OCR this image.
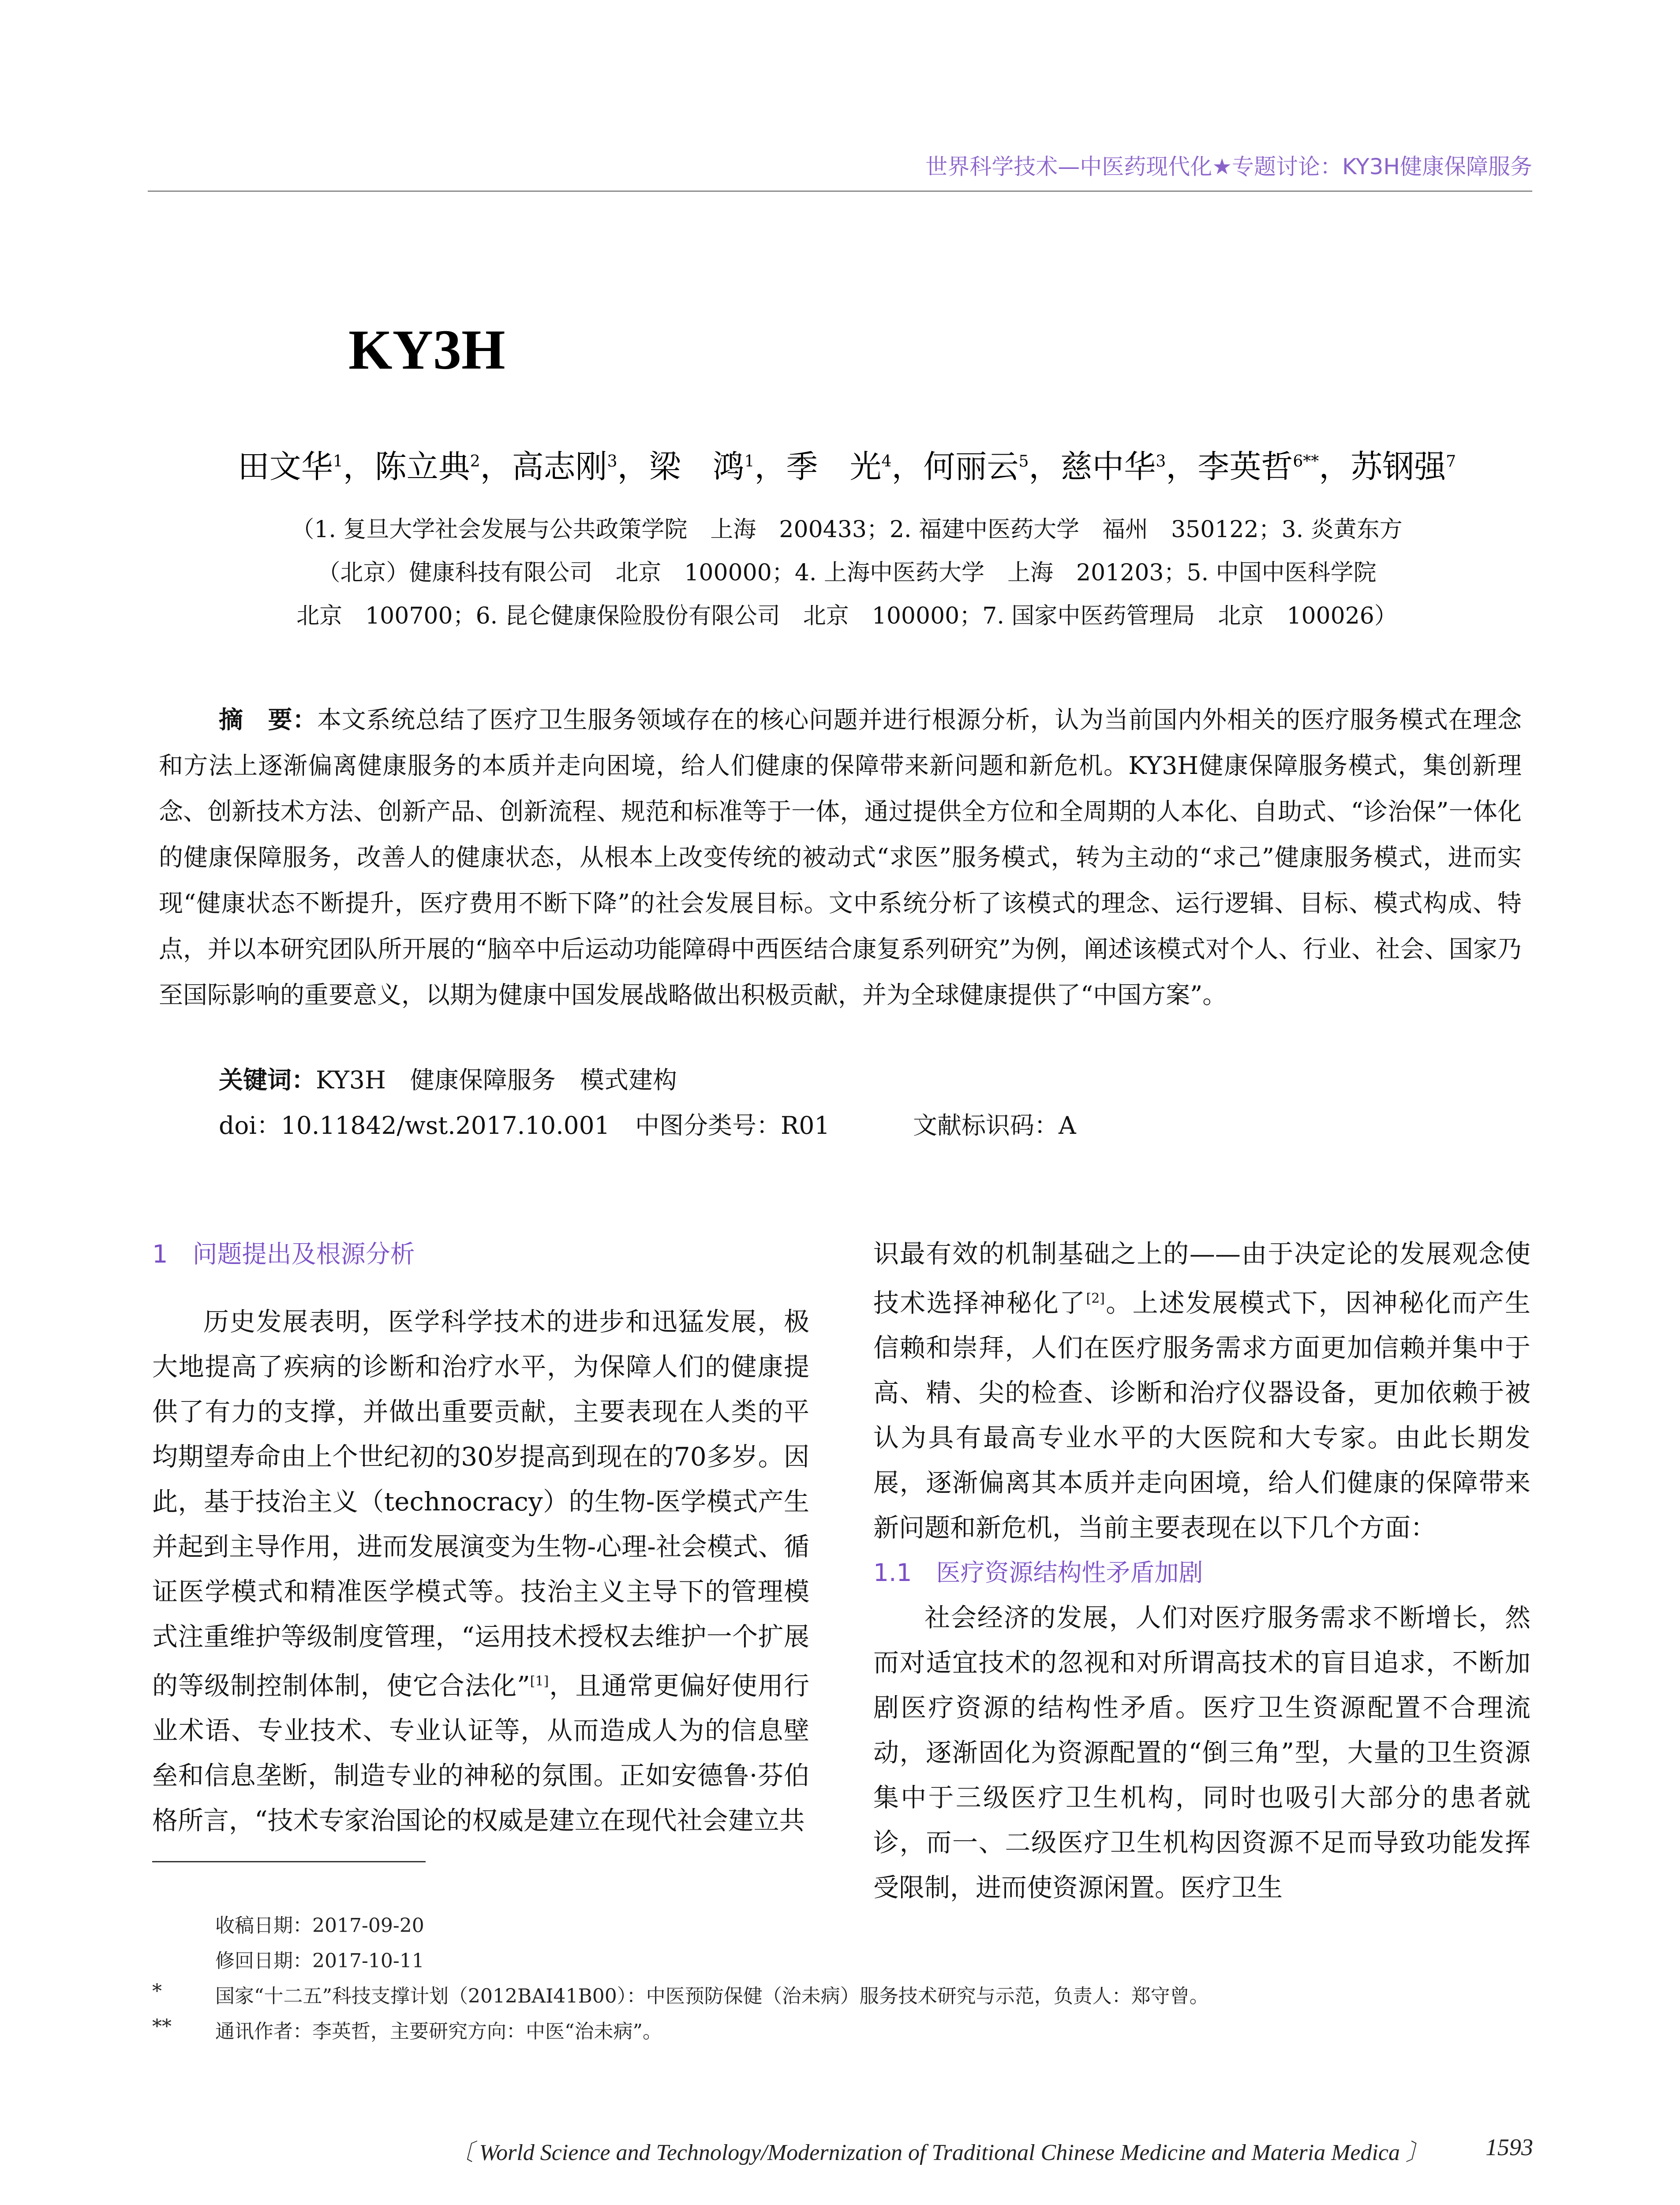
世界科学技术—中医药现代化★专题讨论：KY3H健康保障服务
KY3H
田文华$^1$，陈立典$^2$，高志刚$^3$，梁　鸿$^1$，季　光$^4$，何丽云$^5$，慈中华$^3$，李英哲$^{6**}$，苏钢强$^7$
（1. 复旦大学社会发展与公共政策学院　上海　200433；2. 福建中医药大学　福州　350122；3. 炎黄东方
（北京）健康科技有限公司　北京　100000；4. 上海中医药大学　上海　201203；5. 中国中医科学院
北京　100700；6. 昆仑健康保险股份有限公司　北京　100000；7. 国家中医药管理局　北京　100026）

摘　要：本文系统总结了医疗卫生服务领域存在的核心问题并进行根源分析，认为当前国内外相关的医疗服务模式在理念和方法上逐渐偏离健康服务的本质并走向困境，给人们健康的保障带来新问题和新危机。KY3H健康保障服务模式，集创新理念、创新技术方法、创新产品、创新流程、规范和标准等于一体，通过提供全方位和全周期的人本化、自助式、“诊治保”一体化的健康保障服务，改善人的健康状态，从根本上改变传统的被动式“求医”服务模式，转为主动的“求己”健康服务模式，进而实现“健康状态不断提升，医疗费用不断下降”的社会发展目标。文中系统分析了该模式的理念、运行逻辑、目标、模式构成、特点，并以本研究团队所开展的“脑卒中后运动功能障碍中西医结合康复系列研究”为例，阐述该模式对个人、行业、社会、国家乃至国际影响的重要意义，以期为健康中国发展战略做出积极贡献，并为全球健康提供了“中国方案”。

关键词：KY3H　健康保障服务　模式建构
doi：10.11842/wst.2017.10.001 中图分类号：R01	文献标识码：A
1　 问题提出及根源分析

历史发展表明，医学科学技术的进步和迅猛发展，极大地提高了疾病的诊断和治疗水平，为保障人们的健康提供了有力的支撑，并做出重要贡献，主要表现在人类的平均期望寿命由上个世纪初的30岁提高到现在的70多岁。因此，基于技治主义（technocracy）的生物-医学模式产生并起到主导作用，进而发展演变为生物-心理-社会模式、循证医学模式和精准医学模式等。技治主义主导下的管理模式注重维护等级制度管理，“运用技术授权去维护一个扩展的等级制控制体制，使它合法化”[1]，且通常更偏好使用行业术语、专业技术、专业认证等，从而造成人为的信息壁垒和信息垄断，制造专业的神秘的氛围。正如安德鲁·芬伯格所言，“技术专家治国论的权威是建立在现代社会建立共

识最有效的机制基础之上的——由于决定论的发展观念使技术选择神秘化了[2]。上述发展模式下，因神秘化而产生信赖和崇拜，人们在医疗服务需求方面更加信赖并集中于高、精、尖的检查、诊断和治疗仪器设备，更加依赖于被认为具有最高专业水平的大医院和大专家。由此长期发展，逐渐偏离其本质并走向困境，给人们健康的保障带来新问题和新危机，当前主要表现在以下几个方面：

1.1　 医疗资源结构性矛盾加剧

社会经济的发展，人们对医疗服务需求不断增长，然而对适宜技术的忽视和对所谓高技术的盲目追求，不断加剧医疗资源的结构性矛盾。医疗卫生资源配置不合理流动，逐渐固化为资源配置的“倒三角”型，大量的卫生资源集中于三级医疗卫生机构，同时也吸引大部分的患者就诊，而一、二级医疗卫生机构因资源不足而导致功能发挥受限制，进而使资源闲置。医疗卫生

收稿日期：2017-09-20
修回日期：2017-10-11
*	国家“十二五”科技支撑计划（2012BAI41B00）：中医预防保健（治未病）服务技术研究与示范，负责人：郑守曾。
** 通讯作者：李英哲，主要研究方向：中医“治未病”。
〔 World Science and Technology/Modernization of Traditional Chinese Medicine and Materia Medica 〕 1593
